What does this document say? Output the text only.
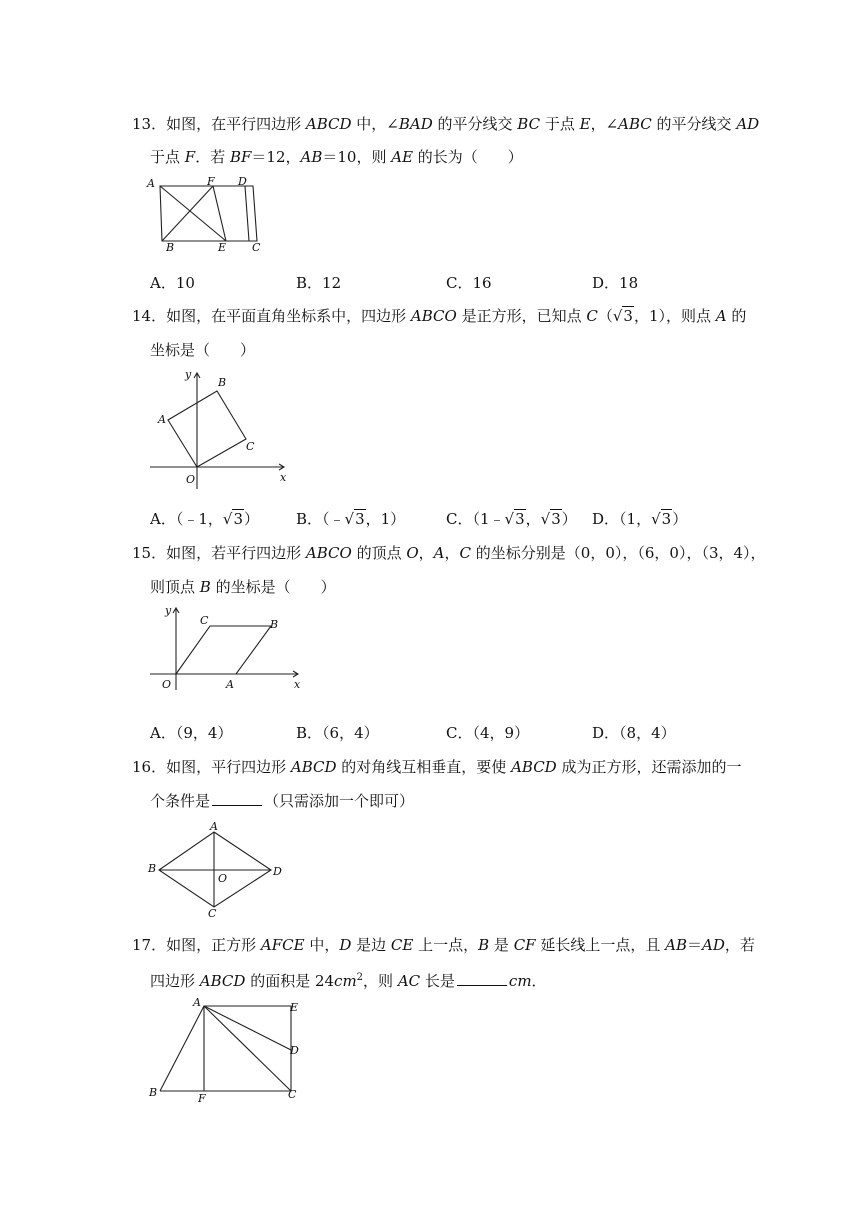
13．如图，在平行四边形 ABCD 中，∠BAD 的平分线交 BC 于点 E，∠ABC 的平分线交 AD
于点 F．若 BF＝12，AB＝10，则 AE 的长为（　　）
A	F D
B	E C
A．10	B．12	C．16	D．18
14．如图，在平面直角坐标系中，四边形 ABCO 是正方形，已知点 C（√3，1），则点 A 的
坐标是（　　）
y
B
A
C
O	x
A．（﹣1，√3） B．（﹣√3，1）	C．（1﹣√3，√3） D．（1，√3）
15．如图，若平行四边形 ABCO 的顶点 O，A，C 的坐标分别是（0，0），（6，0），（3，4），
则顶点 B 的坐标是（　　）
y
C	B
O	A	x
A．（9，4）	B．（6，4）	C．（4，9）	D．（8，4）
16．如图，平行四边形 ABCD 的对角线互相垂直，要使 ABCD 成为正方形，还需添加的一
个条件是	（只需添加一个即可）
A
B
O
D
C
17．如图，正方形 AFCE 中，D 是边 CE 上一点，B 是 CF 延长线上一点，且 AB＝AD，若
四边形 ABCD 的面积是 $24cm^2$，则 AC 长是	cm．
A	E
D
B	F	C
